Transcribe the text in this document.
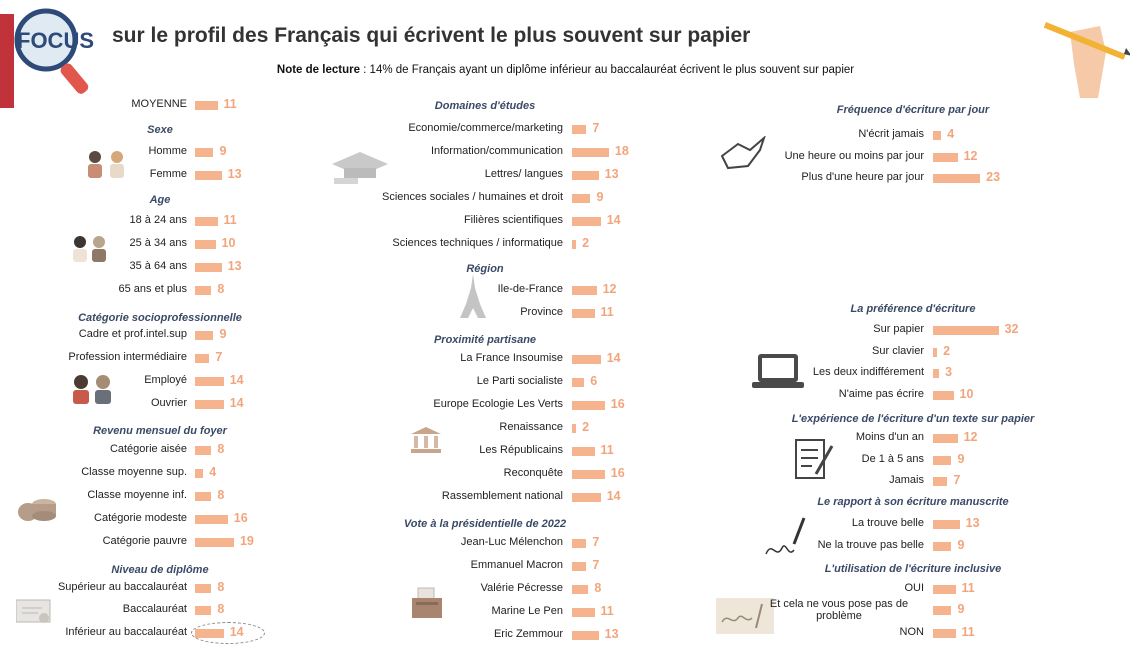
FOCUS sur le profil des Français qui écrivent le plus souvent sur papier
Note de lecture : 14% de Français ayant un diplôme inférieur au baccalauréat écrivent le plus souvent sur papier
MOYENNE	11
Sexe
Homme	9
Femme	13
Age
18 à 24 ans	11
25 à 34 ans	10
35 à 64 ans	13
65 ans et plus 8
Catégorie socioprofessionnelle
Cadre et prof.intel.sup	9
Profession intermédiaire 7
Employé	14
Ouvrier	14
Revenu mensuel du foyer
Catégorie aisée 8
Classe moyenne sup. 4
Classe moyenne inf. 8
Catégorie modeste	16
Catégorie pauvre	19
Niveau de diplôme
Supérieur au baccalauréat 8
Baccalauréat 8
Inférieur au baccalauréat	14
Domaines d'études
Economie/commerce/marketing 7
Information/communication	18
Lettres/ langues	13
Sciences sociales / humaines et droit	9
Filières scientifiques	14
Sciences techniques / informatique 2
Région
Ile-de-France	12
Province	11
Proximité partisane
La France Insoumise	14
Le Parti socialiste 6
Europe Ecologie Les Verts	16
Renaissance 2
Les Républicains	11
Reconquête	16
Rassemblement national	14
Vote à la présidentielle de 2022
Jean-Luc Mélenchon 7
Emmanuel Macron 7
Valérie Pécresse	8
Marine Le Pen	11
Eric Zemmour	13
Fréquence d'écriture par jour
N'écrit jamais 4
Une heure ou moins par jour	12
Plus d'une heure par jour	23
La préférence d'écriture
Sur papier	32
Sur clavier 2
Les deux indifférement 3
N'aime pas écrire	10
L'expérience de l'écriture d'un texte sur papier
Moins d'un an	12
De 1 à 5 ans	9
Jamais 7
Le rapport à son écriture manuscrite
La trouve belle	13
Ne la trouve pas belle	9
L'utilisation de l'écriture inclusive
OUI	11
Et cela ne vous pose pas de problème	9
NON	11
